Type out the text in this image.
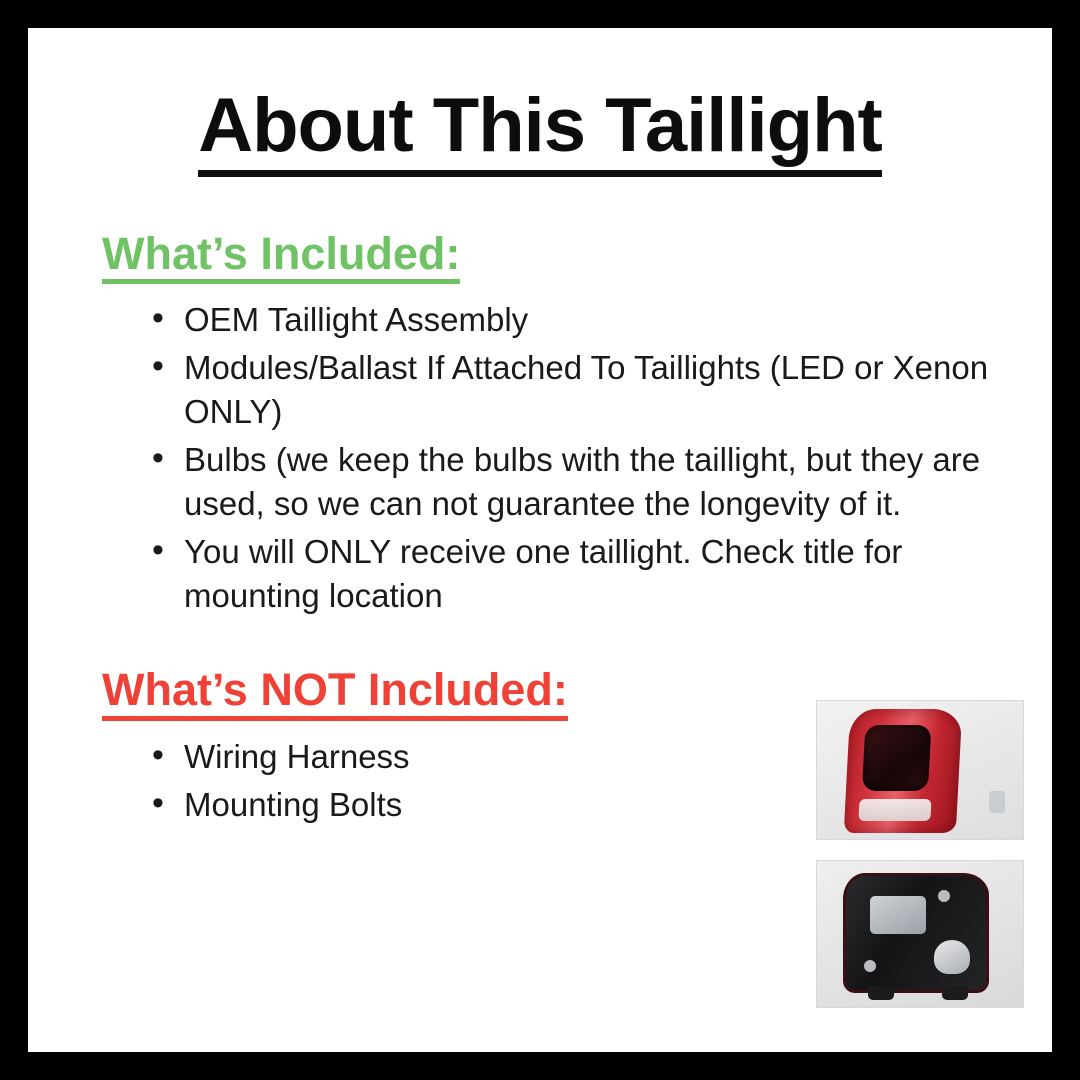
About This Taillight
What’s Included:
• OEM Taillight Assembly
• Modules/Ballast If Attached To Taillights (LED or Xenon ONLY)
• Bulbs (we keep the bulbs with the taillight, but they are used, so we can not guarantee the longevity of it.
• You will ONLY receive one taillight. Check title for mounting location
What’s NOT Included:
• Wiring Harness
• Mounting Bolts
